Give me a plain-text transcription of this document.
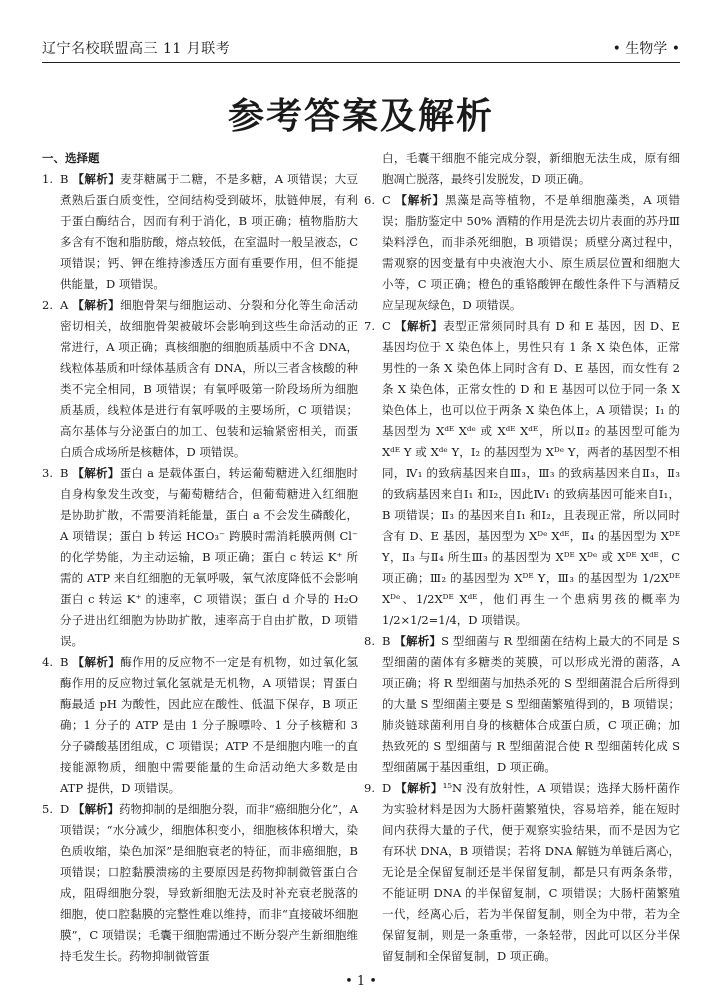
辽宁名校联盟高三 11 月联考	• 生物学 •
参考答案及解析
一、选择题

1. B 【解析】麦芽糖属于二糖，不是多糖，A 项错误；大豆煮熟后蛋白质变性，空间结构受到破坏，肽链伸展，有利于蛋白酶结合，因而有利于消化，B 项正确；植物脂肪大多含有不饱和脂肪酸，熔点较低，在室温时一般呈液态，C 项错误；钙、钾在维持渗透压方面有重要作用，但不能提供能量，D 项错误。

2. A 【解析】细胞骨架与细胞运动、分裂和分化等生命活动密切相关，故细胞骨架被破坏会影响到这些生命活动的正常进行，A 项正确；真核细胞的细胞质基质中不含 DNA，线粒体基质和叶绿体基质含有 DNA，所以三者含核酸的种类不完全相同，B 项错误；有氧呼吸第一阶段场所为细胞质基质，线粒体是进行有氧呼吸的主要场所，C 项错误；高尔基体与分泌蛋白的加工、包装和运输紧密相关，而蛋白质合成场所是核糖体，D 项错误。

3. B 【解析】蛋白 a 是载体蛋白，转运葡萄糖进入红细胞时自身构象发生改变，与葡萄糖结合，但葡萄糖进入红细胞是协助扩散，不需要消耗能量，蛋白 a 不会发生磷酸化，A 项错误；蛋白 b 转运 HCO₃⁻ 跨膜时需消耗膜两侧 Cl⁻ 的化学势能，为主动运输，B 项正确；蛋白 c 转运 K⁺ 所需的 ATP 来自红细胞的无氧呼吸，氧气浓度降低不会影响蛋白 c 转运 K⁺ 的速率，C 项错误；蛋白 d 介导的 H₂O 分子进出红细胞为协助扩散，速率高于自由扩散，D 项错误。

4. B 【解析】酶作用的反应物不一定是有机物，如过氧化氢酶作用的反应物过氧化氢就是无机物，A 项错误；胃蛋白酶最适 pH 为酸性，因此应在酸性、低温下保存，B 项正确；1 分子的 ATP 是由 1 分子腺嘌呤、1 分子核糖和 3 分子磷酸基团组成，C 项错误；ATP 不是细胞内唯一的直接能源物质，细胞中需要能量的生命活动绝大多数是由 ATP 提供，D 项错误。

5. D 【解析】药物抑制的是细胞分裂，而非“癌细胞分化”，A 项错误；“水分减少，细胞体积变小，细胞核体积增大，染色质收缩，染色加深”是细胞衰老的特征，而非癌细胞，B 项错误；口腔黏膜溃疡的主要原因是药物抑制微管蛋白合成，阻碍细胞分裂，导致新细胞无法及时补充衰老脱落的细胞，使口腔黏膜的完整性难以维持，而非“直接破坏细胞膜”，C 项错误；毛囊干细胞需通过不断分裂产生新细胞维持毛发生长。药物抑制微管蛋

白，毛囊干细胞不能完成分裂，新细胞无法生成，原有细胞凋亡脱落，最终引发脱发，D 项正确。

6. C 【解析】黑藻是高等植物，不是单细胞藻类，A 项错误；脂肪鉴定中 50% 酒精的作用是洗去切片表面的苏丹Ⅲ染料浮色，而非杀死细胞，B 项错误；质壁分离过程中，需观察的因变量有中央液泡大小、原生质层位置和细胞大小等，C 项正确；橙色的重铬酸钾在酸性条件下与酒精反应呈现灰绿色，D 项错误。

7. C 【解析】表型正常须同时具有 D 和 E 基因，因 D、E 基因均位于 X 染色体上，男性只有 1 条 X 染色体，正常男性的一条 X 染色体上同时含有 D、E 基因，而女性有 2 条 X 染色体，正常女性的 D 和 E 基因可以位于同一条 X 染色体上，也可以位于两条 X 染色体上，A 项错误；Ⅰ₁ 的基因型为 Xᵈᴱ Xᵈᵉ 或 Xᵈᴱ Xᵈᴱ，所以Ⅱ₂ 的基因型可能为 Xᵈᴱ Y 或 Xᵈᵉ Y，Ⅰ₂ 的基因型为 Xᴰᵉ Y，两者的基因型不相同，Ⅳ₁ 的致病基因来自Ⅲ₃，Ⅲ₃ 的致病基因来自Ⅱ₃，Ⅱ₃ 的致病基因来自Ⅰ₁ 和Ⅰ₂，因此Ⅳ₁ 的致病基因可能来自Ⅰ₁，B 项错误；Ⅱ₃ 的基因来自Ⅰ₁ 和Ⅰ₂，且表现正常，所以同时含有 D、E 基因，基因型为 Xᴰᵉ Xᵈᴱ，Ⅱ₄ 的基因型为 Xᴰᴱ Y，Ⅱ₃ 与Ⅱ₄ 所生Ⅲ₃ 的基因型为 Xᴰᴱ Xᴰᵉ 或 Xᴰᴱ Xᵈᴱ，C 项正确；Ⅲ₂ 的基因型为 Xᴰᴱ Y，Ⅲ₃ 的基因型为 1/2Xᴰᴱ Xᴰᵉ、1/2Xᴰᴱ Xᵈᴱ，他们再生一个患病男孩的概率为 1/2×1/2=1/4，D 项错误。

8. B 【解析】S 型细菌与 R 型细菌在结构上最大的不同是 S 型细菌的菌体有多糖类的荚膜，可以形成光滑的菌落，A 项正确；将 R 型细菌与加热杀死的 S 型细菌混合后所得到的大量 S 型细菌主要是 S 型细菌繁殖得到的，B 项错误；肺炎链球菌利用自身的核糖体合成蛋白质，C 项正确；加热致死的 S 型细菌与 R 型细菌混合使 R 型细菌转化成 S 型细菌属于基因重组，D 项正确。

9. D 【解析】¹⁵N 没有放射性，A 项错误；选择大肠杆菌作为实验材料是因为大肠杆菌繁殖快，容易培养，能在短时间内获得大量的子代，便于观察实验结果，而不是因为它有环状 DNA，B 项错误；若将 DNA 解链为单链后离心，无论是全保留复制还是半保留复制，都是只有两条条带，不能证明 DNA 的半保留复制，C 项错误；大肠杆菌繁殖一代，经离心后，若为半保留复制，则全为中带，若为全保留复制，则是一条重带，一条轻带，因此可以区分半保留复制和全保留复制，D 项正确。

• 1 •
